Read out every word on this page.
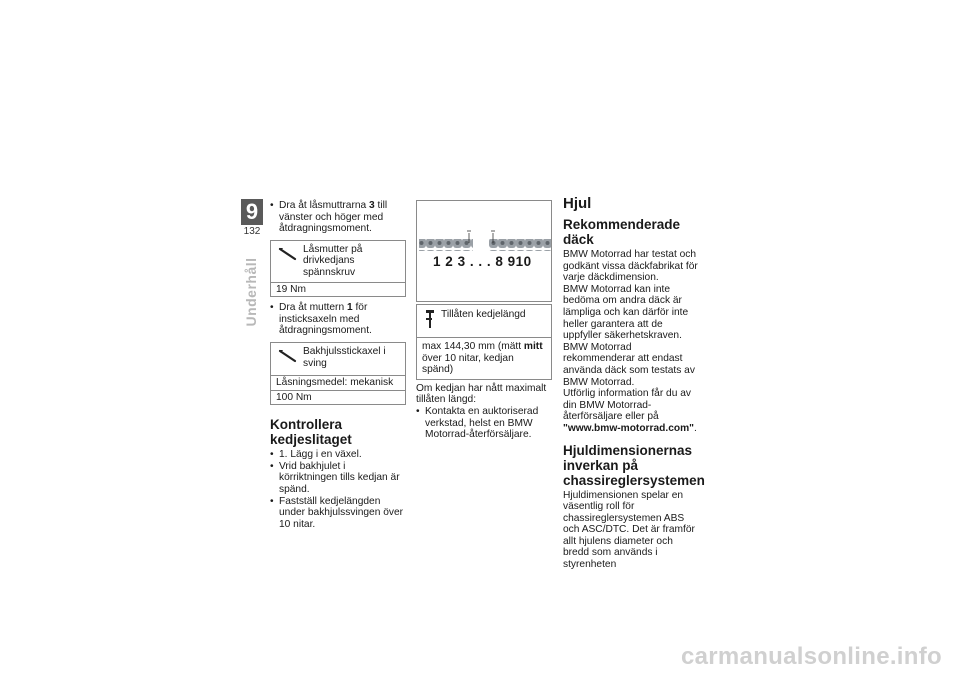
9
132
Underhåll

• Dra åt låsmuttrarna 3 till vänster och höger med åtdragningsmoment.

Låsmutter på drivkedjans spännskruv
19 Nm

• Dra åt muttern 1 för insticksaxeln med åtdragningsmoment.

Bakhjulsstickaxel i sving
Låsningsmedel: mekanisk
100 Nm

Kontrollera kedjeslitaget

• 1. Lägg i en växel.

• Vrid bakhjulet i körriktningen tills kedjan är spänd.

• Fastställ kedjelängden under bakhjulssvingen över 10 nitar.

1 2 3 . . . 8 910
Tillåten kedjelängd
max 144,30 mm (mätt mitt över 10 nitar, kedjan spänd)

Om kedjan har nått maximalt tillåten längd:

• Kontakta en auktoriserad verkstad, helst en BMW Motorrad-återförsäljare.

Hjul

Rekommenderade däck

BMW Motorrad har testat och godkänt vissa däckfabrikat för varje däckdimension.

BMW Motorrad kan inte bedöma om andra däck är lämpliga och kan därför inte heller garantera att de uppfyller säkerhetskraven.

BMW Motorrad rekommenderar att endast använda däck som testats av BMW Motorrad.

Utförlig information får du av din BMW Motorrad-återförsäljare eller på "www.bmw-motorrad.com".

Hjuldimensionernas inverkan på chassireglersystemen

Hjuldimensionen spelar en väsentlig roll för chassireglersystemen ABS och ASC/DTC. Det är framför allt hjulens diameter och bredd som används i styrenheten

carmanualsonline.info
